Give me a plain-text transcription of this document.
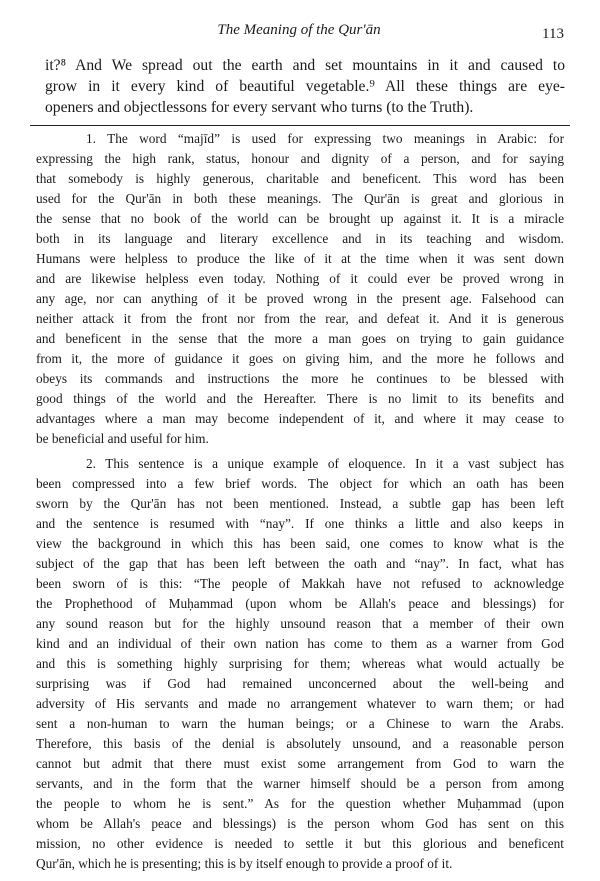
The Meaning of the Qur'ān	113
it?⁸ And We spread out the earth and set mountains in it and caused to
grow in it every kind of beautiful vegetable.⁹ All these things are eye-
openers and objectlessons for every servant who turns (to the Truth).
1. The word “majīd” is used for expressing two meanings in Arabic: for
expressing the high rank, status, honour and dignity of a person, and for saying
that somebody is highly generous, charitable and beneficent. This word has been
used for the Qur'ān in both these meanings. The Qur'ān is great and glorious in
the sense that no book of the world can be brought up against it. It is a miracle
both in its language and literary excellence and in its teaching and wisdom.
Humans were helpless to produce the like of it at the time when it was sent down
and are likewise helpless even today. Nothing of it could ever be proved wrong in
any age, nor can anything of it be proved wrong in the present age. Falsehood can
neither attack it from the front nor from the rear, and defeat it. And it is generous
and beneficent in the sense that the more a man goes on trying to gain guidance
from it, the more of guidance it goes on giving him, and the more he follows and
obeys its commands and instructions the more he continues to be blessed with
good things of the world and the Hereafter. There is no limit to its benefits and
advantages where a man may become independent of it, and where it may cease to
be beneficial and useful for him.
2. This sentence is a unique example of eloquence. In it a vast subject has
been compressed into a few brief words. The object for which an oath has been
sworn by the Qur'ān has not been mentioned. Instead, a subtle gap has been left
and the sentence is resumed with “nay”. If one thinks a little and also keeps in
view the background in which this has been said, one comes to know what is the
subject of the gap that has been left between the oath and “nay”. In fact, what has
been sworn of is this: “The people of Makkah have not refused to acknowledge
the Prophethood of Muḥammad (upon whom be Allah's peace and blessings) for
any sound reason but for the highly unsound reason that a member of their own
kind and an individual of their own nation has come to them as a warner from God
and this is something highly surprising for them; whereas what would actually be
surprising was if God had remained unconcerned about the well-being and
adversity of His servants and made no arrangement whatever to warn them; or had
sent a non-human to warn the human beings; or a Chinese to warn the Arabs.
Therefore, this basis of the denial is absolutely unsound, and a reasonable person
cannot but admit that there must exist some arrangement from God to warn the
servants, and in the form that the warner himself should be a person from among
the people to whom he is sent.” As for the question whether Muḥammad (upon
whom be Allah's peace and blessings) is the person whom God has sent on this
mission, no other evidence is needed to settle it but this glorious and beneficent
Qur'ān, which he is presenting; this is by itself enough to provide a proof of it.
